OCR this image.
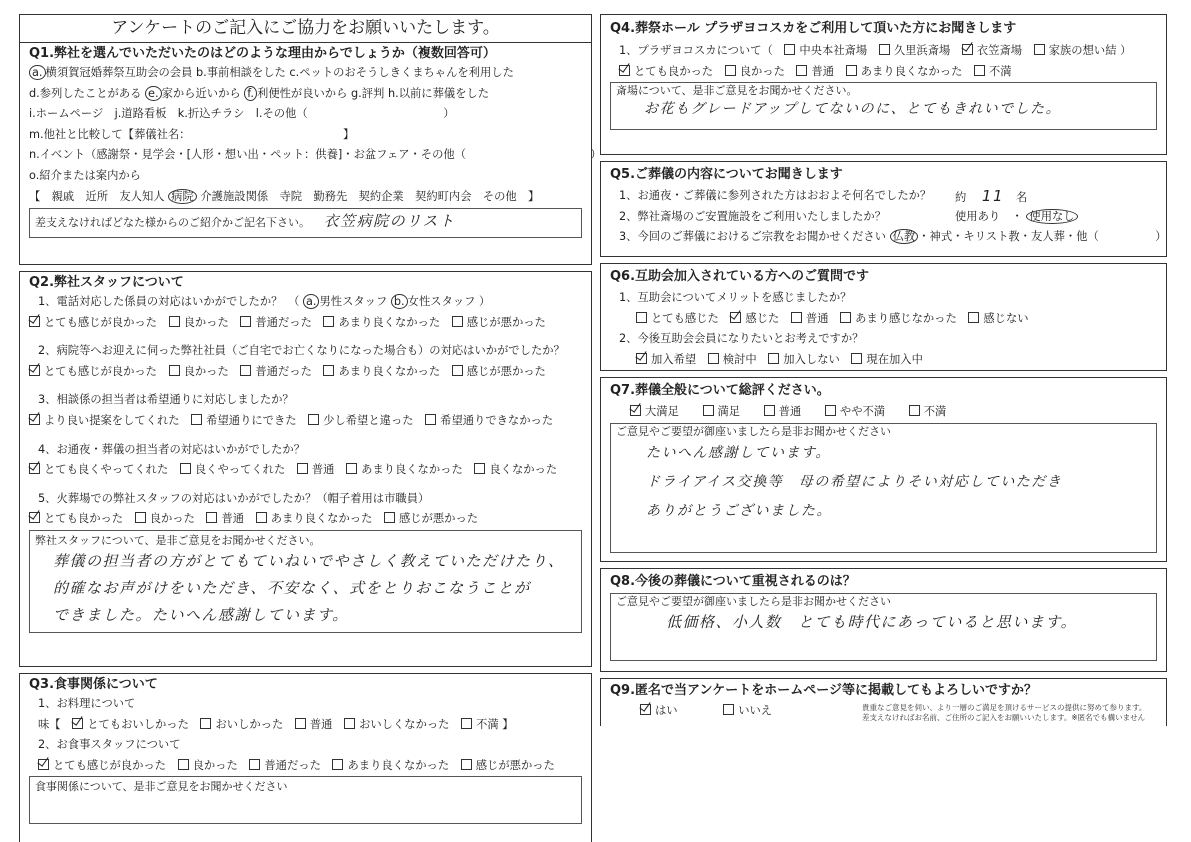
アンケートのご記入にご協力をお願いいたします。
Q1.弊社を選んでいただいたのはどのような理由からでしょうか（複数回答可）
a. 横須賀冠婚葬祭互助会の会員 b.事前相談をした c.ペットのおそうしきくまちゃんを利用した
d.参列したことがある e. 家から近いから f. 利便性が良いから g.評判 h.以前に葬儀をした
i.ホームページ　j.道路看板　k.折込チラシ　l.その他（　　　　　　　　　　　　）
m.他社と比較して【葬儀社名：　　　　　　　　　　　　　　】
n.イベント（感謝祭・見学会・[人形・想い出・ペット：供養]・お盆フェア・その他（　　　　　　　　　　　）
o.紹介または案内から
【　親戚　近所　友人知人 病院 介護施設関係　寺院　勤務先　契約企業　契約町内会　その他　】
差支えなければどなた様からのご紹介かご記名下さい。 衣笠病院のリスト
Q2.弊社スタッフについて
1、電話対応した係員の対応はいかがでしたか？　（ a. 男性スタッフ b. 女性スタッフ ）
とても感じが良かった 良かった 普通だった あまり良くなかった 感じが悪かった
2、病院等へお迎えに伺った弊社社員（ご自宅でお亡くなりになった場合も）の対応はいかがでしたか？
とても感じが良かった 良かった 普通だった あまり良くなかった 感じが悪かった
3、相談係の担当者は希望通りに対応しましたか？
より良い提案をしてくれた 希望通りにできた 少し希望と違った 希望通りできなかった
4、お通夜・葬儀の担当者の対応はいかがでしたか？
とても良くやってくれた 良くやってくれた 普通 あまり良くなかった 良くなかった
5、火葬場での弊社スタッフの対応はいかがでしたか？（帽子着用は市職員）
とても良かった 良かった 普通 あまり良くなかった 感じが悪かった
弊社スタッフについて、是非ご意見をお聞かせください。
葬儀の担当者の方がとてもていねいでやさしく教えていただけたり、
的確なお声がけをいただき、不安なく、式をとりおこなうことが
できました。たいへん感謝しています。
Q3.食事関係について
1、お料理について
味【 とてもおいしかった おいしかった 普通 おいしくなかった 不満 】
2、お食事スタッフについて
とても感じが良かった 良かった 普通だった あまり良くなかった 感じが悪かった
食事関係について、是非ご意見をお聞かせください
Q4.葬祭ホール プラザヨコスカをご利用して頂いた方にお聞きします
1、プラザヨコスカについて（ 中央本社斎場 久里浜斎場 衣笠斎場 家族の想い結 ）
とても良かった 良かった 普通 あまり良くなかった 不満
斎場について、是非ご意見をお聞かせください。
お花もグレードアップしてないのに、とてもきれいでした。
Q5.ご葬儀の内容についてお聞きします
1、お通夜・ご葬儀に参列された方はおおよそ何名でしたか？ 約 11 名
2、弊社斎場のご安置施設をご利用いたしましたか？	使用あり　・ 使用なし
3、今回のご葬儀におけるご宗教をお聞かせください 仏教 ・神式・キリスト教・友人葬・他（　　　　　）
Q6.互助会加入されている方へのご質問です
1、互助会についてメリットを感じましたか？
とても感じた 感じた 普通 あまり感じなかった 感じない
2、今後互助会会員になりたいとお考えですか？
加入希望 検討中 加入しない 現在加入中
Q7.葬儀全般について総評ください。
大満足	満足	普通	やや不満	不満
ご意見やご要望が御座いましたら是非お聞かせください
たいへん感謝しています。
ドライアイス交換等　母の希望によりそい対応していただき
ありがとうございました。
Q8.今後の葬儀について重視されるのは？
ご意見やご要望が御座いましたら是非お聞かせください
低価格、小人数　とても時代にあっていると思います。
Q9.匿名で当アンケートをホームページ等に掲載してもよろしいですか？
はい	いいえ	貴重なご意見を伺い、より一層のご満足を頂けるサービスの提供に努めて参ります。
差支えなければお名前、ご住所のご記入をお願いいたします。※匿名でも構いません
